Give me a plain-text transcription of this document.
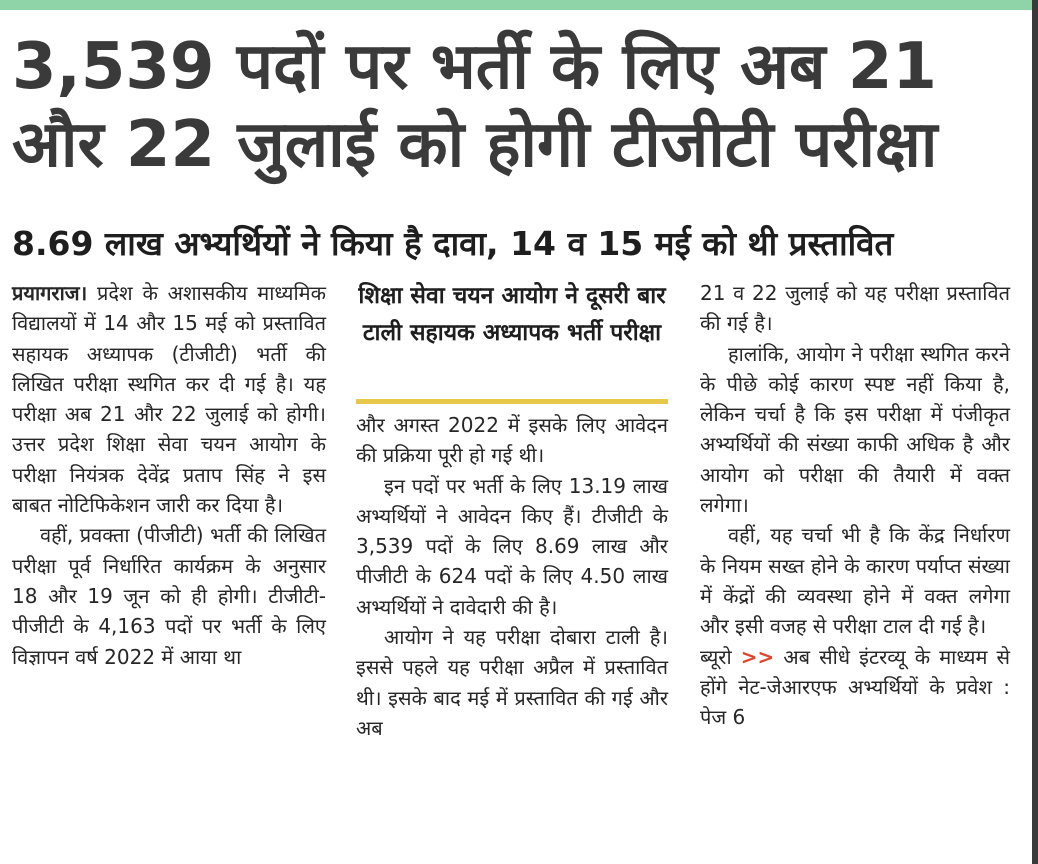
3,539 पदों पर भर्ती के लिए अब 21 और 22 जुलाई को होगी टीजीटी परीक्षा
8.69 लाख अभ्यर्थियों ने किया है दावा, 14 व 15 मई को थी प्रस्तावित

प्रयागराज। प्रदेश के अशासकीय माध्यमिक विद्यालयों में 14 और 15 मई को प्रस्तावित सहायक अध्यापक (टीजीटी) भर्ती की लिखित परीक्षा स्थगित कर दी गई है। यह परीक्षा अब 21 और 22 जुलाई को होगी। उत्तर प्रदेश शिक्षा सेवा चयन आयोग के परीक्षा नियंत्रक देवेंद्र प्रताप सिंह ने इस बाबत नोटिफिकेशन जारी कर दिया है।

वहीं, प्रवक्ता (पीजीटी) भर्ती की लिखित परीक्षा पूर्व निर्धारित कार्यक्रम के अनुसार 18 और 19 जून को ही होगी। टीजीटी-पीजीटी के 4,163 पदों पर भर्ती के लिए विज्ञापन वर्ष 2022 में आया था

शिक्षा सेवा चयन आयोग ने दूसरी बार टाली सहायक अध्यापक भर्ती परीक्षा

और अगस्त 2022 में इसके लिए आवेदन की प्रक्रिया पूरी हो गई थी।

इन पदों पर भर्ती के लिए 13.19 लाख अभ्यर्थियों ने आवेदन किए हैं। टीजीटी के 3,539 पदों के लिए 8.69 लाख और पीजीटी के 624 पदों के लिए 4.50 लाख अभ्यर्थियों ने दावेदारी की है।

आयोग ने यह परीक्षा दोबारा टाली है। इससे पहले यह परीक्षा अप्रैल में प्रस्तावित थी। इसके बाद मई में प्रस्तावित की गई और अब

21 व 22 जुलाई को यह परीक्षा प्रस्तावित की गई है।

हालांकि, आयोग ने परीक्षा स्थगित करने के पीछे कोई कारण स्पष्ट नहीं किया है, लेकिन चर्चा है कि इस परीक्षा में पंजीकृत अभ्यर्थियों की संख्या काफी अधिक है और आयोग को परीक्षा की तैयारी में वक्त लगेगा।

वहीं, यह चर्चा भी है कि केंद्र निर्धारण के नियम सख्त होने के कारण पर्याप्त संख्या में केंद्रों की व्यवस्था होने में वक्त लगेगा और इसी वजह से परीक्षा टाल दी गई है।

ब्यूरो >> अब सीधे इंटरव्यू के माध्यम से होंगे नेट-जेआरएफ अभ्यर्थियों के प्रवेश : पेज 6
